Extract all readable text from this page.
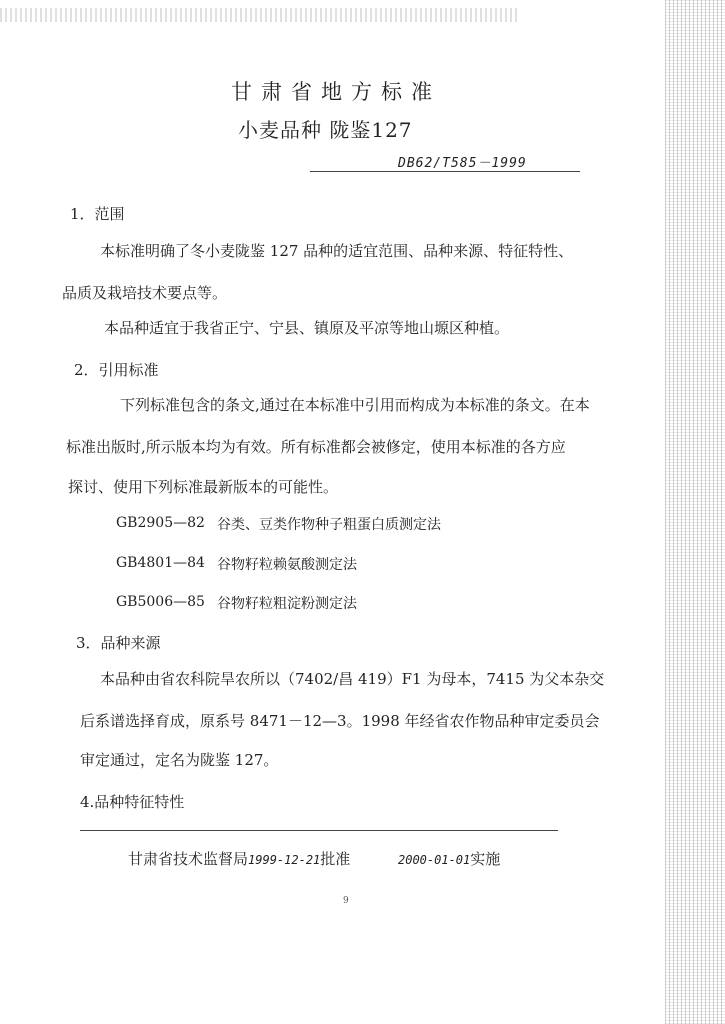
甘肃省地方标准
小麦品种 陇鉴127
DB62/T585－1999
1．范围
本标准明确了冬小麦陇鉴 127 品种的适宜范围、品种来源、特征特性、
品质及栽培技术要点等。
本品种适宜于我省正宁、宁县、镇原及平凉等地山塬区种植。
2．引用标准
下列标准包含的条文,通过在本标准中引用而构成为本标准的条文。在本
标准出版时,所示版本均为有效。所有标准都会被修定，使用本标准的各方应
探讨、使用下列标准最新版本的可能性。
GB2905—82 谷类、豆类作物种子粗蛋白质测定法
GB4801—84 谷物籽粒赖氨酸测定法
GB5006—85 谷物籽粒粗淀粉测定法
3．品种来源
本品种由省农科院旱农所以（7402/昌 419）F1 为母本，7415 为父本杂交
后系谱选择育成，原系号 8471－12—3。1998 年经省农作物品种审定委员会
审定通过，定名为陇鉴 127。
4.品种特征特性
甘肃省技术监督局1999-12-21批准	2000-01-01实施
9
